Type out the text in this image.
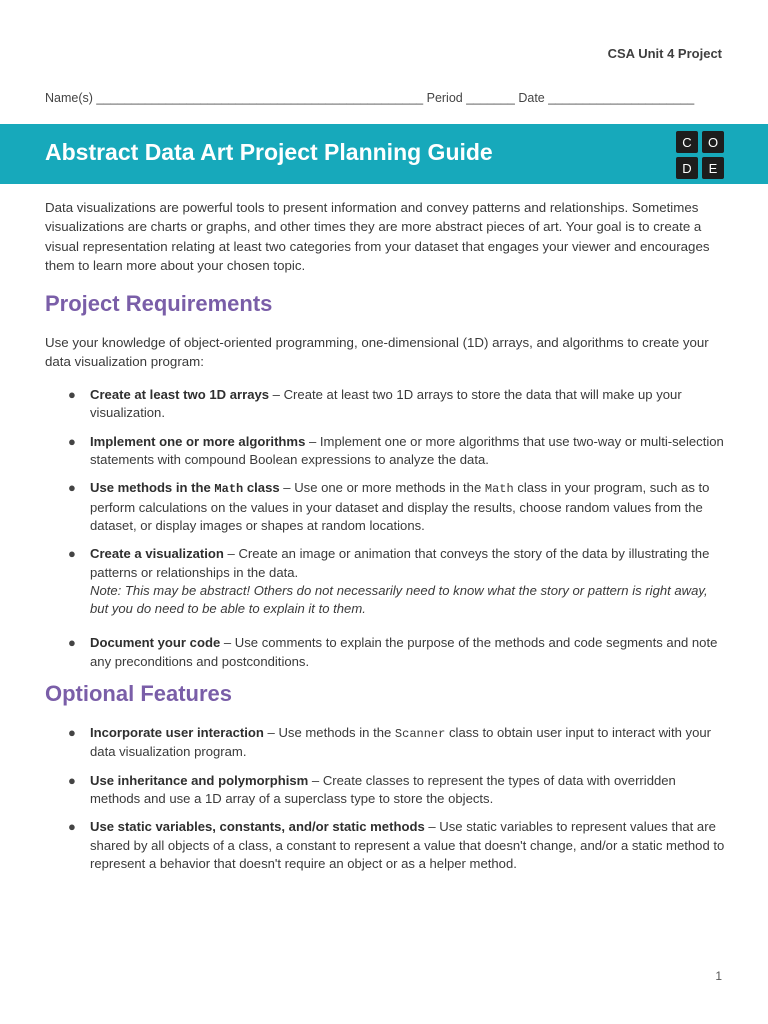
CSA Unit 4 Project
Name(s) _______________________________________________ Period _______ Date _____________________
Abstract Data Art Project Planning Guide	C	O
D	E

Data visualizations are powerful tools to present information and convey patterns and relationships. Sometimes visualizations are charts or graphs, and other times they are more abstract pieces of art. Your goal is to create a visual representation relating at least two categories from your dataset that engages your viewer and encourages them to learn more about your chosen topic.

Project Requirements

Use your knowledge of object-oriented programming, one-dimensional (1D) arrays, and algorithms to create your data visualization program:

● Create at least two 1D arrays – Create at least two 1D arrays to store the data that will make up your visualization.
● Implement one or more algorithms – Implement one or more algorithms that use two-way or multi-selection statements with compound Boolean expressions to analyze the data.
● Use methods in the Math class – Use one or more methods in the Math class in your program, such as to perform calculations on the values in your dataset and display the results, choose random values from the dataset, or display images or shapes at random locations.
● Create a visualization – Create an image or animation that conveys the story of the data by illustrating the patterns or relationships in the data.
Note: This may be abstract! Others do not necessarily need to know what the story or pattern is right away, but you do need to be able to explain it to them.
● Document your code – Use comments to explain the purpose of the methods and code segments and note any preconditions and postconditions.
Optional Features
● Incorporate user interaction – Use methods in the Scanner class to obtain user input to interact with your data visualization program.
● Use inheritance and polymorphism – Create classes to represent the types of data with overridden methods and use a 1D array of a superclass type to store the objects.
● Use static variables, constants, and/or static methods – Use static variables to represent values that are shared by all objects of a class, a constant to represent a value that doesn't change, and/or a static method to represent a behavior that doesn't require an object or as a helper method.
1
